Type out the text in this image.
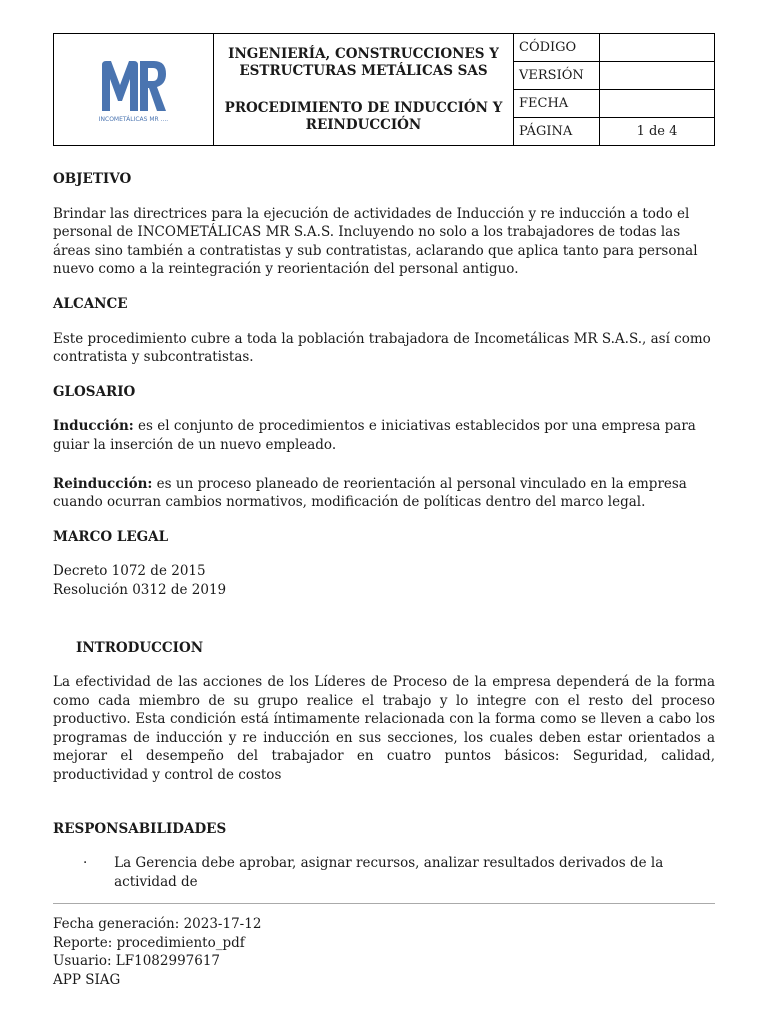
INCOMETÁLICAS MR ....	INGENIERÍA, CONSTRUCCIONES Y ESTRUCTURAS METÁLICAS SAS
PROCEDIMIENTO DE INDUCCIÓN Y REINDUCCIÓN	CÓDIGO	
		VERSIÓN	
		FECHA	
		PÁGINA	1 de 4

OBJETIVO

Brindar las directrices para la ejecución de actividades de Inducción y re inducción a todo el personal de INCOMETÁLICAS MR S.A.S. Incluyendo no solo a los trabajadores de todas las áreas sino también a contratistas y sub contratistas, aclarando que aplica tanto para personal nuevo como a la reintegración y reorientación del personal antiguo.

ALCANCE

Este procedimiento cubre a toda la población trabajadora de Incometálicas MR S.A.S., así como contratista y subcontratistas.

GLOSARIO

Inducción: es el conjunto de procedimientos e iniciativas establecidos por una empresa para guiar la inserción de un nuevo empleado.

Reinducción: es un proceso planeado de reorientación al personal vinculado en la empresa cuando ocurran cambios normativos, modificación de políticas dentro del marco legal.

MARCO LEGAL

Decreto 1072 de 2015

Resolución 0312 de 2019

INTRODUCCION

La efectividad de las acciones de los Líderes de Proceso de la empresa dependerá de la forma como cada miembro de su grupo realice el trabajo y lo integre con el resto del proceso productivo. Esta condición está íntimamente relacionada con la forma como se lleven a cabo los programas de inducción y re inducción en sus secciones, los cuales deben estar orientados a mejorar el desempeño del trabajador en cuatro puntos básicos: Seguridad, calidad, productividad y control de costos

RESPONSABILIDADES

·	La Gerencia debe aprobar, asignar recursos, analizar resultados derivados de la actividad de
Fecha generación: 2023-17-12
Reporte: procedimiento_pdf
Usuario: LF1082997617
APP SIAG
